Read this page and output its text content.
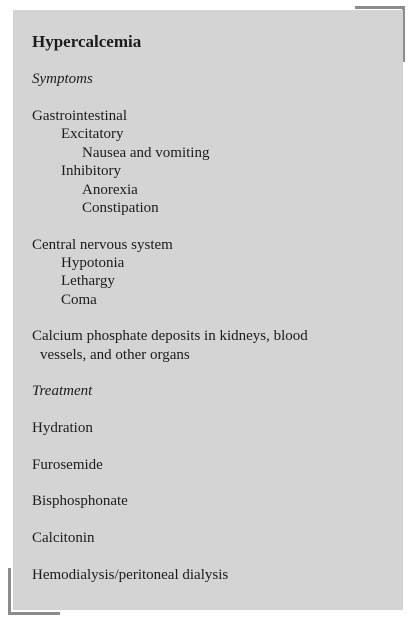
Hypercalcemia
Symptoms
Gastrointestinal
Excitatory
Nausea and vomiting
Inhibitory
Anorexia
Constipation
Central nervous system
Hypotonia
Lethargy
Coma
Calcium phosphate deposits in kidneys, blood
vessels, and other organs
Treatment
Hydration
Furosemide
Bisphosphonate
Calcitonin
Hemodialysis/peritoneal dialysis
